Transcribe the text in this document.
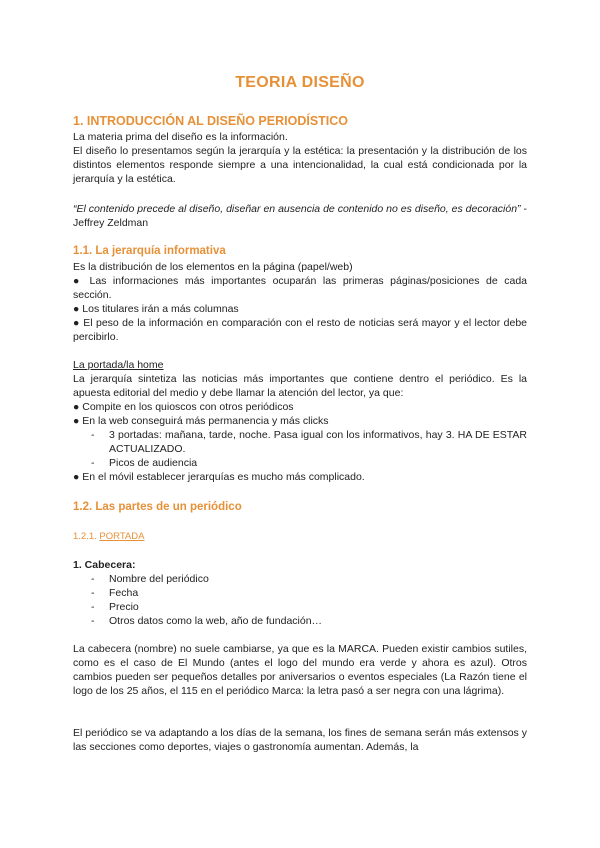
TEORIA DISEÑO
1. INTRODUCCIÓN AL DISEÑO PERIODÍSTICO

La materia prima del diseño es la información.

El diseño lo presentamos según la jerarquía y la estética: la presentación y la distribución de los distintos elementos responde siempre a una intencionalidad, la cual está condicionada por la jerarquía y la estética.

“El contenido precede al diseño, diseñar en ausencia de contenido no es diseño, es decoración” -Jeffrey Zeldman

1.1. La jerarquía informativa

Es la distribución de los elementos en la página (papel/web)

● Las informaciones más importantes ocuparán las primeras páginas/posiciones de cada sección.

● Los titulares irán a más columnas

● El peso de la información en comparación con el resto de noticias será mayor y el lector debe percibirlo.

La portada/la home

La jerarquía sintetiza las noticias más importantes que contiene dentro el periódico. Es la apuesta editorial del medio y debe llamar la atención del lector, ya que:

● Compite en los quioscos con otros periódicos

● En la web conseguirá más permanencia y más clicks

- 3 portadas: mañana, tarde, noche. Pasa igual con los informativos, hay 3. HA DE ESTAR ACTUALIZADO.

- Picos de audiencia

● En el móvil establecer jerarquías es mucho más complicado.

1.2. Las partes de un periódico

1.2.1. PORTADA

1. Cabecera:

- Nombre del periódico

- Fecha

- Precio

- Otros datos como la web, año de fundación…

La cabecera (nombre) no suele cambiarse, ya que es la MARCA. Pueden existir cambios sutiles, como es el caso de El Mundo (antes el logo del mundo era verde y ahora es azul). Otros cambios pueden ser pequeños detalles por aniversarios o eventos especiales (La Razón tiene el logo de los 25 años, el 115 en el periódico Marca: la letra pasó a ser negra con una lágrima).

El periódico se va adaptando a los días de la semana, los fines de semana serán más extensos y las secciones como deportes, viajes o gastronomía aumentan. Además, la
